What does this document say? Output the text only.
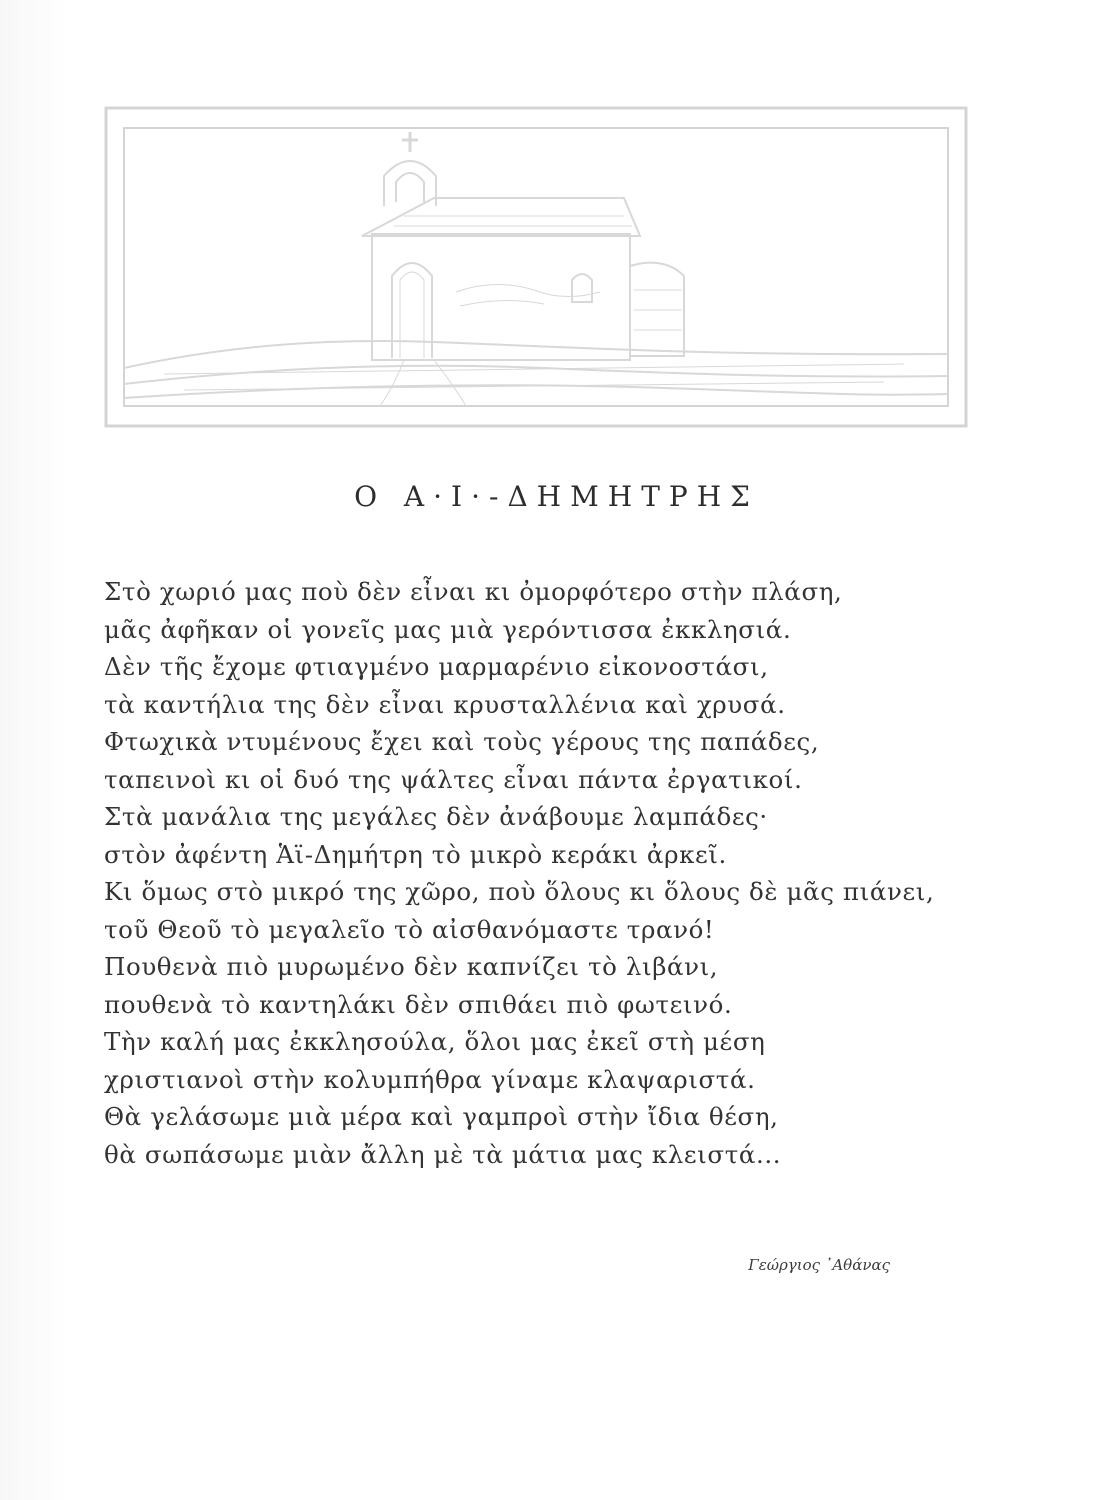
Ο Α·Ι·-ΔΗΜΗΤΡΗΣ
Στὸ χωριό μας ποὺ δὲν εἶναι κι ὀμορφότερο στὴν πλάση,
μᾶς ἀφῆκαν οἱ γονεῖς μας μιὰ γερόντισσα ἐκκλησιά.
Δὲν τῆς ἔχομε φτιαγμένο μαρμαρένιο εἰκονοστάσι,
τὰ καντήλια της δὲν εἶναι κρυσταλλένια καὶ χρυσά.
Φτωχικὰ ντυμένους ἔχει καὶ τοὺς γέρους της παπάδες,
ταπεινοὶ κι οἱ δυό της ψάλτες εἶναι πάντα ἐργατικοί.
Στὰ μανάλια της μεγάλες δὲν ἀνάβουμε λαμπάδες·
στὸν ἀφέντη Ἁϊ-Δημήτρη τὸ μικρὸ κεράκι ἀρκεῖ.
Κι ὅμως στὸ μικρό της χῶρο, ποὺ ὅλους κι ὅλους δὲ μᾶς πιάνει,
τοῦ Θεοῦ τὸ μεγαλεῖο τὸ αἰσθανόμαστε τρανό!
Πουθενὰ πιὸ μυρωμένο δὲν καπνίζει τὸ λιβάνι,
πουθενὰ τὸ καντηλάκι δὲν σπιθάει πιὸ φωτεινό.
Τὴν καλή μας ἐκκλησούλα, ὅλοι μας ἐκεῖ στὴ μέση
χριστιανοὶ στὴν κολυμπήθρα γίναμε κλαψαριστά.
Θὰ γελάσωμε μιὰ μέρα καὶ γαμπροὶ στὴν ἴδια θέση,
θὰ σωπάσωμε μιὰν ἄλλη μὲ τὰ μάτια μας κλειστά...
Γεώργιος ᾽Αθάνας
